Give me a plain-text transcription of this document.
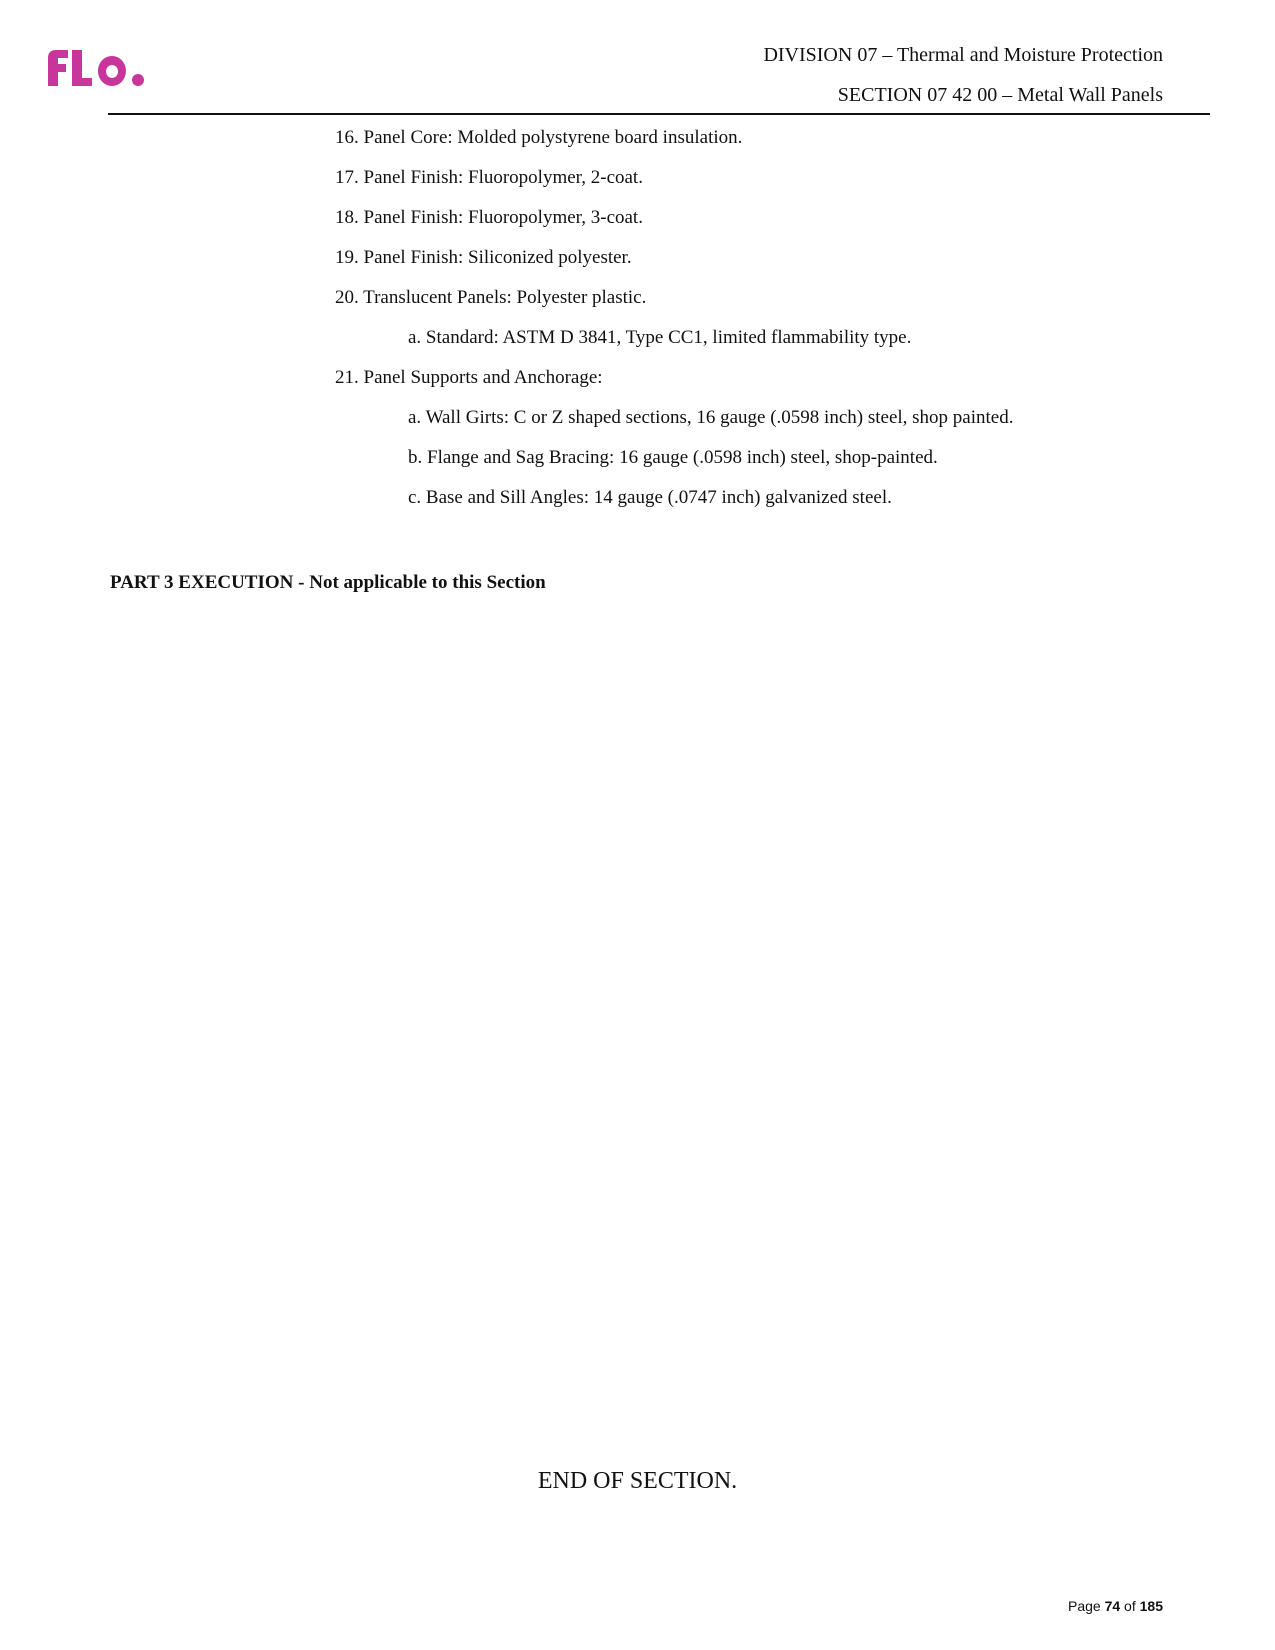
DIVISION 07 – Thermal and Moisture Protection
SECTION 07 42 00 – Metal Wall Panels
16. Panel Core: Molded polystyrene board insulation.
17. Panel Finish: Fluoropolymer, 2-coat.
18. Panel Finish: Fluoropolymer, 3-coat.
19. Panel Finish: Siliconized polyester.
20. Translucent Panels: Polyester plastic.
a. Standard: ASTM D 3841, Type CC1, limited flammability type.
21. Panel Supports and Anchorage:
a. Wall Girts: C or Z shaped sections, 16 gauge (.0598 inch) steel, shop painted.
b. Flange and Sag Bracing: 16 gauge (.0598 inch) steel, shop-painted.
c. Base and Sill Angles: 14 gauge (.0747 inch) galvanized steel.
PART 3 EXECUTION - Not applicable to this Section
END OF SECTION.
Page 74 of 185
